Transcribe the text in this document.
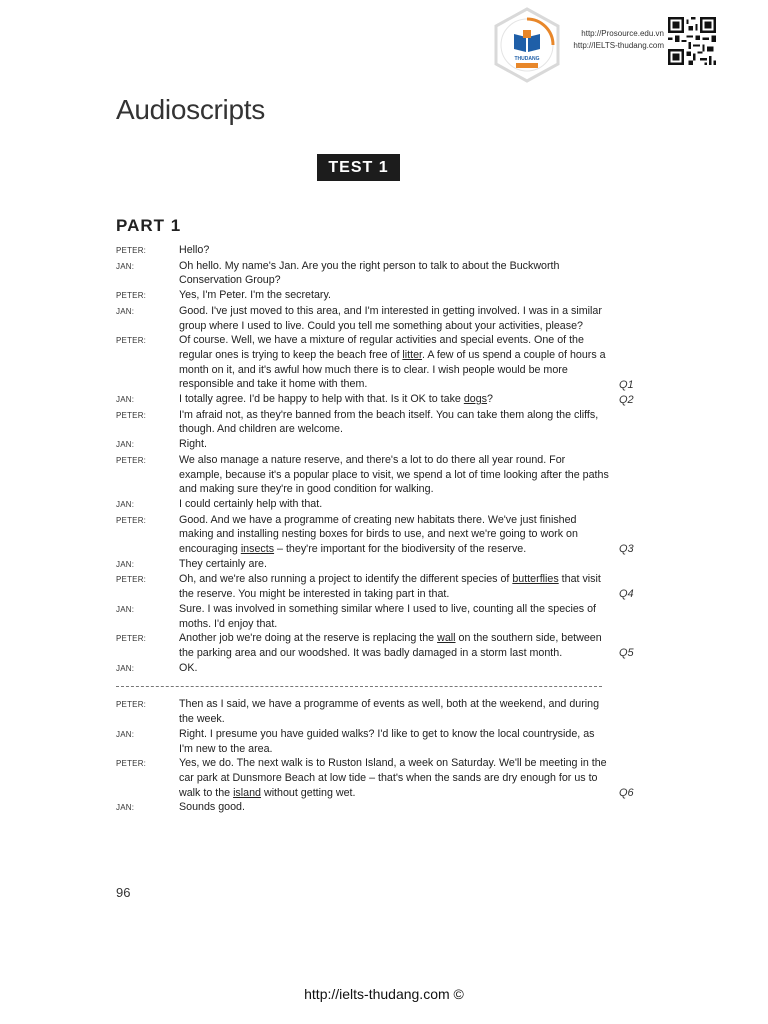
THUDANG
http://Prosource.edu.vn
http://IELTS-thudang.com
Audioscripts
TEST 1
PART 1
PETER:	Hello?
JAN:	Oh hello. My name's Jan. Are you the right person to talk to about the Buckworth Conservation Group?
PETER:	Yes, I'm Peter. I'm the secretary.
JAN:	Good. I've just moved to this area, and I'm interested in getting involved. I was in a similar group where I used to live. Could you tell me something about your activities, please?
PETER:	Of course. Well, we have a mixture of regular activities and special events. One of the regular ones is trying to keep the beach free of litter. A few of us spend a couple of hours a month on it, and it's awful how much there is to clear. I wish people would be more responsible and take it home with them.	Q1
JAN:	I totally agree. I'd be happy to help with that. Is it OK to take dogs?	Q2
PETER:	I'm afraid not, as they're banned from the beach itself. You can take them along the cliffs, though. And children are welcome.
JAN:	Right.
PETER:	We also manage a nature reserve, and there's a lot to do there all year round. For example, because it's a popular place to visit, we spend a lot of time looking after the paths and making sure they're in good condition for walking.
JAN:	I could certainly help with that.
PETER:	Good. And we have a programme of creating new habitats there. We've just finished making and installing nesting boxes for birds to use, and next we're going to work on encouraging insects – they're important for the biodiversity of the reserve.	Q3
JAN:	They certainly are.
PETER:	Oh, and we're also running a project to identify the different species of butterflies that visit the reserve. You might be interested in taking part in that.	Q4
JAN:	Sure. I was involved in something similar where I used to live, counting all the species of moths. I'd enjoy that.
PETER:	Another job we're doing at the reserve is replacing the wall on the southern side, between the parking area and our woodshed. It was badly damaged in a storm last month.	Q5
JAN:	OK.
PETER:	Then as I said, we have a programme of events as well, both at the weekend, and during the week.
JAN:	Right. I presume you have guided walks? I'd like to get to know the local countryside, as I'm new to the area.
PETER:	Yes, we do. The next walk is to Ruston Island, a week on Saturday. We'll be meeting in the car park at Dunsmore Beach at low tide – that's when the sands are dry enough for us to walk to the island without getting wet.	Q6
JAN:	Sounds good.
96
http://ielts-thudang.com ©
